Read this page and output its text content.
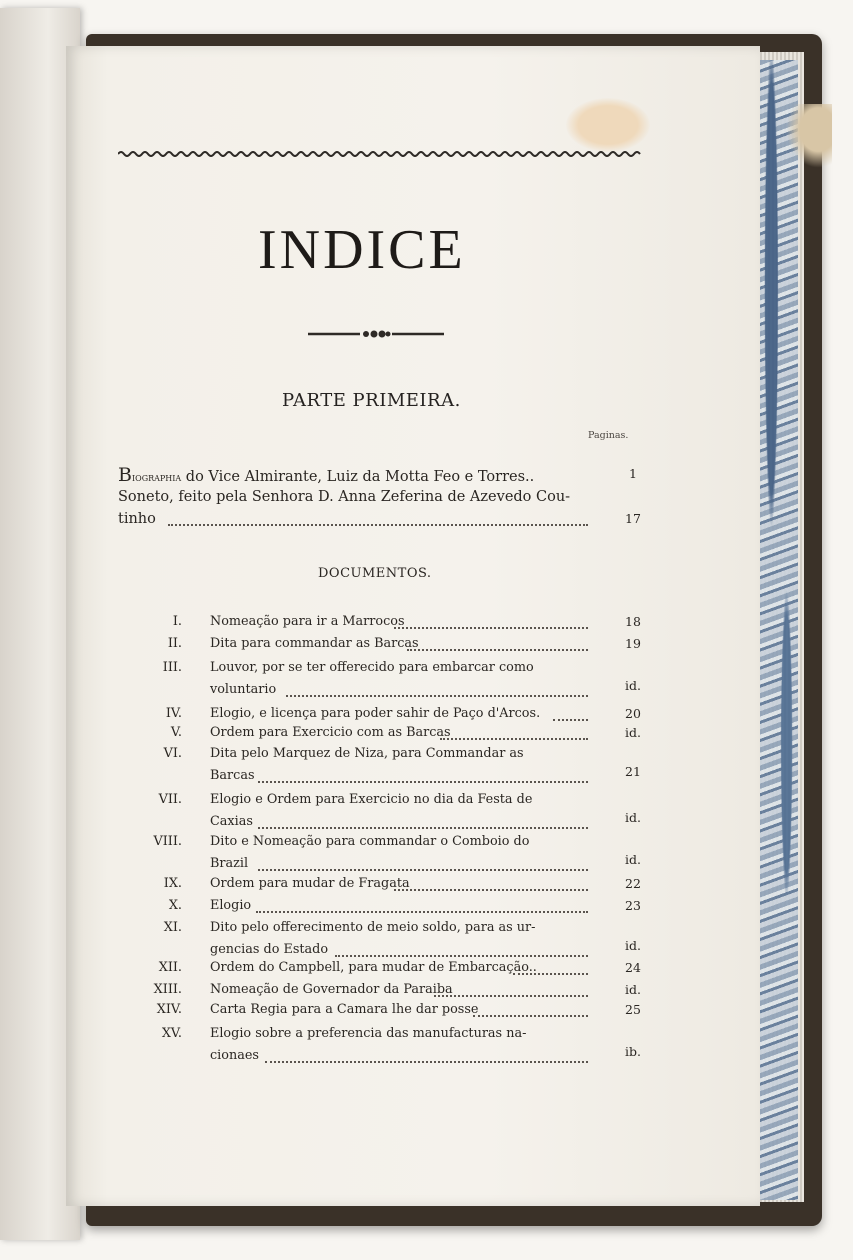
INDICE
PARTE PRIMEIRA.
Paginas.
Biographia do Vice Almirante, Luiz da Motta Feo e Torres..	1
Soneto, feito pela Senhora D. Anna Zeferina de Azevedo Cou-
tinho	17
DOCUMENTOS.
I. Nomeação para ir a Marrocos	18
II. Dita para commandar as Barcas	19
III. Louvor, por se ter offerecido para embarcar como
voluntario	id.
IV. Elogio, e licença para poder sahir de Paço d'Arcos.	20
V. Ordem para Exercicio com as Barcas	id.
VI. Dita pelo Marquez de Niza, para Commandar as
Barcas	21
VII. Elogio e Ordem para Exercicio no dia da Festa de
Caxias	id.
VIII. Dito e Nomeação para commandar o Comboio do
Brazil	id.
IX. Ordem para mudar de Fragata	22
X. Elogio	23
XI. Dito pelo offerecimento de meio soldo, para as ur-
gencias do Estado	id.
XII. Ordem do Campbell, para mudar de Embarcação..	24
XIII. Nomeação de Governador da Paraiba	id.
XIV. Carta Regia para a Camara lhe dar posse	25
XV. Elogio sobre a preferencia das manufacturas na-
cionaes	ib.
